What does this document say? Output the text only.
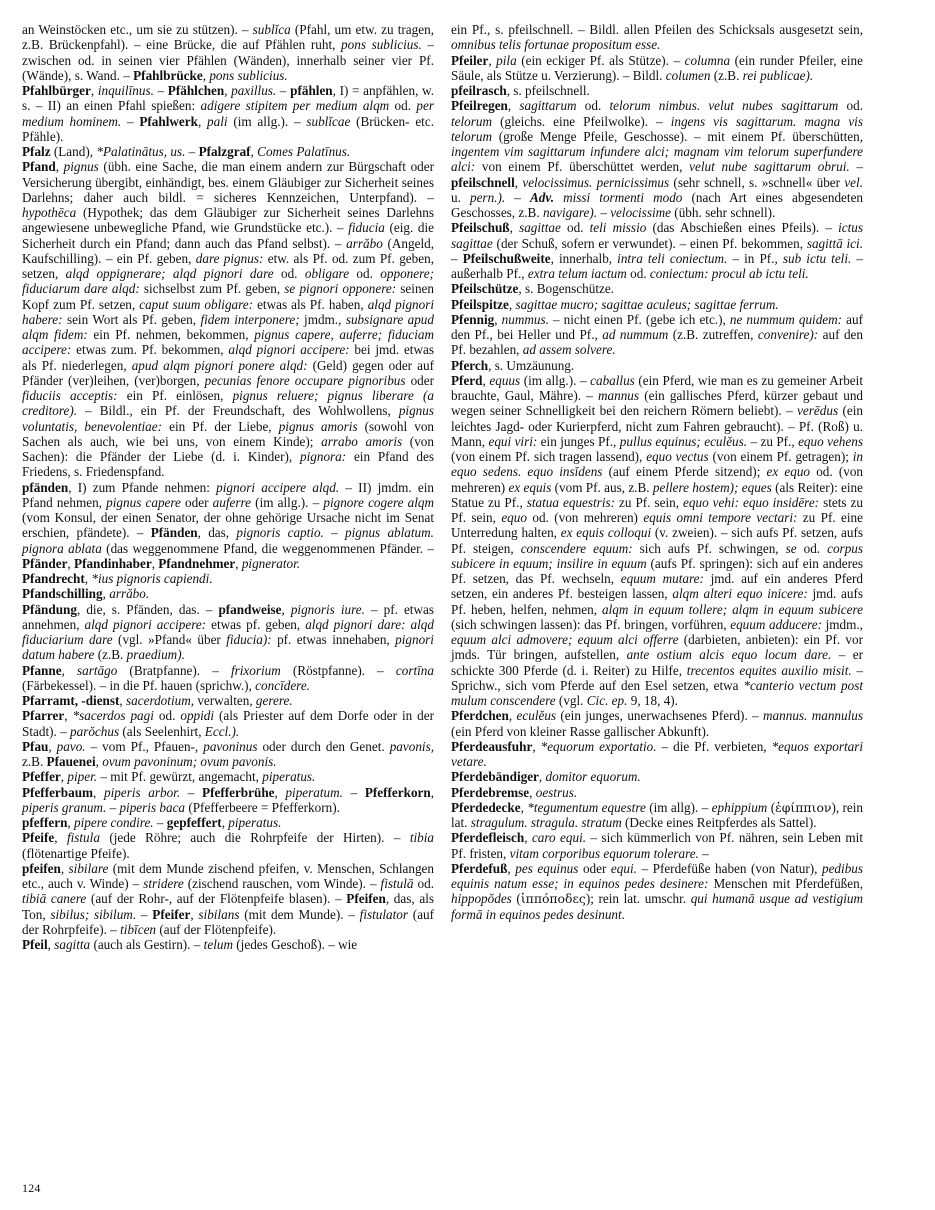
an Weinstöcken etc., um sie zu stützen). – sublĭca (Pfahl, um etw. zu tragen, z.B. Brückenpfahl). – eine Brücke, die auf Pfählen ruht, pons sublicius. – zwischen od. in seinen vier Pfählen (Wänden), innerhalb seiner vier Pf. (Wände), s. Wand. – Pfahlbrücke, pons sublicius.

Pfahlbürger, inquilīnus. – Pfählchen, paxillus. – pfählen, I) = anpfählen, w. s. – II) an einen Pfahl spießen: adigere stipitem per medium alqm od. per medium hominem. – Pfahlwerk, pali (im allg.). – sublĭcae (Brücken- etc. Pfähle).

Pfalz (Land), *Palatinātus, us. – Pfalzgraf, Comes Palatīnus.

Pfand, pignus (übh. eine Sache, die man einem andern zur Bürgschaft oder Versicherung übergibt, einhändigt, bes. einem Gläubiger zur Sicherheit seines Darlehns; daher auch bildl. = sicheres Kennzeichen, Unterpfand). – hypothēca (Hypothek; das dem Gläubiger zur Sicherheit seines Darlehns angewiesene unbewegliche Pfand, wie Grundstücke etc.). – fiducia (eig. die Sicherheit durch ein Pfand; dann auch das Pfand selbst). – arrăbo (Angeld, Kaufschilling). – ein Pf. geben, dare pignus: etw. als Pf. od. zum Pf. geben, setzen, alqd oppignerare; alqd pignori dare od. obligare od. opponere; fiduciarum dare alqd: sichselbst zum Pf. geben, se pignori opponere: seinen Kopf zum Pf. setzen, caput suum obligare: etwas als Pf. haben, alqd pignori habere: sein Wort als Pf. geben, fidem interponere; jmdm., subsignare apud alqm fidem: ein Pf. nehmen, bekommen, pignus capere, auferre; fiduciam accipere: etwas zum. Pf. bekommen, alqd pignori accipere: bei jmd. etwas als Pf. niederlegen, apud alqm pignori ponere alqd: (Geld) gegen oder auf Pfänder (ver)leihen, (ver)borgen, pecunias fenore occupare pignoribus oder fiduciis acceptis: ein Pf. einlösen, pignus reluere; pignus liberare (a creditore). – Bildl., ein Pf. der Freundschaft, des Wohlwollens, pignus voluntatis, benevolentiae: ein Pf. der Liebe, pignus amoris (sowohl von Sachen als auch, wie bei uns, von einem Kinde); arrabo amoris (von Sachen): die Pfänder der Liebe (d. i. Kinder), pignora: ein Pfand des Friedens, s. Friedenspfand.

pfänden, I) zum Pfande nehmen: pignori accipere alqd. – II) jmdm. ein Pfand nehmen, pignus capere oder auferre (im allg.). – pignore cogere alqm (vom Konsul, der einen Senator, der ohne gehörige Ursache nicht im Senat erschien, pfändete). – Pfänden, das, pignoris captio. – pignus ablatum. pignora ablata (das weggenommene Pfand, die weggenommenen Pfänder. – Pfänder, Pfandinhaber, Pfandnehmer, pignerator.

Pfandrecht, *ius pignoris capiendi.

Pfandschilling, arrăbo.

Pfändung, die, s. Pfänden, das. – pfandweise, pignoris iure. – pf. etwas annehmen, alqd pignori accipere: etwas pf. geben, alqd pignori dare: alqd fiduciarium dare (vgl. »Pfand« über fiducia): pf. etwas innehaben, pignori datum habere (z.B. praedium).

Pfanne, sartāgo (Bratpfanne). – frixorium (Röstpfanne). – cortīna (Färbekessel). – in die Pf. hauen (sprichw.), concīdere.

Pfarramt, -dienst, sacerdotium, verwalten, gerere.

Pfarrer, *sacerdos pagi od. oppidi (als Priester auf dem Dorfe oder in der Stadt). – parŏchus (als Seelenhirt, Eccl.).

Pfau, pavo. – vom Pf., Pfauen-, pavoninus oder durch den Genet. pavonis, z.B. Pfauenei, ovum pavoninum; ovum pavonis.

Pfeffer, piper. – mit Pf. gewürzt, angemacht, piperatus.

Pfefferbaum, piperis arbor. – Pfefferbrühe, piperatum. – Pfefferkorn, piperis granum. – piperis baca (Pfefferbeere = Pfefferkorn).

pfeffern, pipere condire. – gepfeffert, piperatus.

Pfeife, fistula (jede Röhre; auch die Rohrpfeife der Hirten). – tibia (flötenartige Pfeife).

pfeifen, sibilare (mit dem Munde zischend pfeifen, v. Menschen, Schlangen etc., auch v. Winde) – stridere (zischend rauschen, vom Winde). – fistulā od. tibiā canere (auf der Rohr-, auf der Flötenpfeife blasen). – Pfeifen, das, als Ton, sibilus; sibilum. – Pfeifer, sibilans (mit dem Munde). – fistulator (auf der Rohrpfeife). – tibīcen (auf der Flötenpfeife).

Pfeil, sagitta (auch als Gestirn). – telum (jedes Geschoß). – wie

ein Pf., s. pfeilschnell. – Bildl. allen Pfeilen des Schicksals ausgesetzt sein, omnibus telis fortunae propositum esse.

Pfeiler, pila (ein eckiger Pf. als Stütze). – columna (ein runder Pfeiler, eine Säule, als Stütze u. Verzierung). – Bildl. columen (z.B. rei publicae).

pfeilrasch, s. pfeilschnell.

Pfeilregen, sagittarum od. telorum nimbus. velut nubes sagittarum od. telorum (gleichs. eine Pfeilwolke). – ingens vis sagittarum. magna vis telorum (große Menge Pfeile, Geschosse). – mit einem Pf. überschütten, ingentem vim sagittarum infundere alci; magnam vim telorum superfundere alci: von einem Pf. überschüttet werden, velut nube sagittarum obrui. – pfeilschnell, velocissimus. pernicissimus (sehr schnell, s. »schnell« über vel. u. pern.). – Adv. missi tormenti modo (nach Art eines abgesendeten Geschosses, z.B. navigare). – velocissime (übh. sehr schnell).

Pfeilschuß, sagittae od. teli missio (das Abschießen eines Pfeils). – ictus sagittae (der Schuß, sofern er verwundet). – einen Pf. bekommen, sagittā ici. – Pfeilschußweite, innerhalb, intra teli coniectum. – in Pf., sub ictu teli. – außerhalb Pf., extra telum iactum od. coniectum: procul ab ictu teli.

Pfeilschütze, s. Bogenschütze.

Pfeilspitze, sagittae mucro; sagittae aculeus; sagittae ferrum.

Pfennig, nummus. – nicht einen Pf. (gebe ich etc.), ne nummum quidem: auf den Pf., bei Heller und Pf., ad nummum (z.B. zutreffen, convenire): auf den Pf. bezahlen, ad assem solvere.

Pferch, s. Umzäunung.

Pferd, equus (im allg.). – caballus (ein Pferd, wie man es zu gemeiner Arbeit brauchte, Gaul, Mähre). – mannus (ein gallisches Pferd, kürzer gebaut und wegen seiner Schnelligkeit bei den reichern Römern beliebt). – verēdus (ein leichtes Jagd- oder Kurierpferd, nicht zum Fahren gebraucht). – Pf. (Roß) u. Mann, equi viri: ein junges Pf., pullus equinus; eculĕus. – zu Pf., equo vehens (von einem Pf. sich tragen lassend), equo vectus (von einem Pf. getragen); in equo sedens. equo insĭdens (auf einem Pferde sitzend); ex equo od. (von mehreren) ex equis (vom Pf. aus, z.B. pellere hostem); eques (als Reiter): eine Statue zu Pf., statua equestris: zu Pf. sein, equo vehi: equo insidēre: stets zu Pf. sein, equo od. (von mehreren) equis omni tempore vectari: zu Pf. eine Unterredung halten, ex equis colloqui (v. zweien). – sich aufs Pf. setzen, aufs Pf. steigen, conscendere equum: sich aufs Pf. schwingen, se od. corpus subicere in equum; insilire in equum (aufs Pf. springen): sich auf ein anderes Pf. setzen, das Pf. wechseln, equum mutare: jmd. auf ein anderes Pferd setzen, ein anderes Pf. besteigen lassen, alqm alteri equo inicere: jmd. aufs Pf. heben, helfen, nehmen, alqm in equum tollere; alqm in equum subicere (sich schwingen lassen): das Pf. bringen, vorführen, equum adducere: jmdm., equum alci admovere; equum alci offerre (darbieten, anbieten): ein Pf. vor jmds. Tür bringen, aufstellen, ante ostium alcis equo locum dare. – er schickte 300 Pferde (d. i. Reiter) zu Hilfe, trecentos equites auxilio misit. – Sprichw., sich vom Pferde auf den Esel setzen, etwa *canterio vectum post mulum conscendere (vgl. Cic. ep. 9, 18, 4).

Pferdchen, eculĕus (ein junges, unerwachsenes Pferd). – mannus. mannulus (ein Pferd von kleiner Rasse gallischer Abkunft).

Pferdeausfuhr, *equorum exportatio. – die Pf. verbieten, *equos exportari vetare.

Pferdebändiger, domitor equorum.

Pferdebremse, oestrus.

Pferdedecke, *tegumentum equestre (im allg). – ephippium (ἐφίππιον), rein lat. stragulum. stragula. stratum (Decke eines Reitpferdes als Sattel).

Pferdefleisch, caro equi. – sich kümmerlich von Pf. nähren, sein Leben mit Pf. fristen, vitam corporibus equorum tolerare. –

Pferdefuß, pes equinus oder equi. – Pferdefüße haben (von Natur), pedibus equinis natum esse; in equinos pedes desinere: Menschen mit Pferdefüßen, hippopŏdes (ἱππόποδες); rein lat. umschr. qui humanā usque ad vestigium formā in equinos pedes desinunt.

124
